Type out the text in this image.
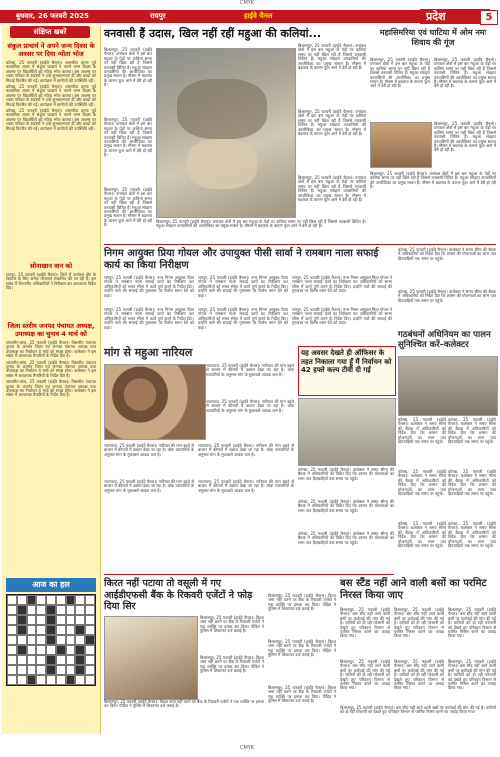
CMYK
बुधवार, 26 फरवरी 2025	रायपुर	हाईवे चैनल	प्रदेश	5
संक्षिप्त खबरें
संकुल प्राचार्य ने अपने जन्म दिवस के अवसर पर दिया न्योता भोज
कोरबा, 25 फरवरी (हाईवे चैनल)। शासकीय कन्या पूर्व माध्यमिक शाला में संकुल प्राचार्य ने अपने जन्म दिवस के अवसर पर विद्यार्थियों को न्योता भोज कराया। इस अवसर पर शाला परिवार के सदस्यों ने उन्हें शुभकामनाएं दीं और बच्चों को मिठाई वितरित की गई। कार्यक्रम में ग्रामीणों की उपस्थिति रही।
कोरबा, 25 फरवरी (हाईवे चैनल)। शासकीय कन्या पूर्व माध्यमिक शाला में संकुल प्राचार्य ने अपने जन्म दिवस के अवसर पर विद्यार्थियों को न्योता भोज कराया। इस अवसर पर शाला परिवार के सदस्यों ने उन्हें शुभकामनाएं दीं और बच्चों को मिठाई वितरित की गई। कार्यक्रम में ग्रामीणों की उपस्थिति रही।
कोरबा, 25 फरवरी (हाईवे चैनल)। शासकीय कन्या पूर्व माध्यमिक शाला में संकुल प्राचार्य ने अपने जन्म दिवस के अवसर पर विद्यार्थियों को न्योता भोज कराया। इस अवसर पर शाला परिवार के सदस्यों ने उन्हें शुभकामनाएं दीं और बच्चों को मिठाई वितरित की गई। कार्यक्रम में ग्रामीणों की उपस्थिति रही।
सोनाखान वान को
रायपुर, 25 फरवरी (हाईवे चैनल)। जिले में वनांचल क्षेत्र के विकास के लिए अनेक योजनाएं संचालित की जा रही हैं। इस संबंध में विभागीय अधिकारियों ने निरीक्षण कर आवश्यक निर्देश दिए।
जिला स्तरीय जनपद पंचायत अध्यक्ष, उपाध्यक्ष का चुनाव 4 मार्च को
जांजगीर-चांपा, 25 फरवरी (हाईवे चैनल)। त्रिस्तरीय पंचायत चुनाव के अंतर्गत जिला एवं जनपद पंचायत अध्यक्ष तथा उपाध्यक्ष का निर्वाचन 4 मार्च को संपन्न होगा। कलेक्टर ने इस संबंध में आवश्यक तैयारियों के निर्देश दिए हैं।
जांजगीर-चांपा, 25 फरवरी (हाईवे चैनल)। त्रिस्तरीय पंचायत चुनाव के अंतर्गत जिला एवं जनपद पंचायत अध्यक्ष तथा उपाध्यक्ष का निर्वाचन 4 मार्च को संपन्न होगा। कलेक्टर ने इस संबंध में आवश्यक तैयारियों के निर्देश दिए हैं।
जांजगीर-चांपा, 25 फरवरी (हाईवे चैनल)। त्रिस्तरीय पंचायत चुनाव के अंतर्गत जिला एवं जनपद पंचायत अध्यक्ष तथा उपाध्यक्ष का निर्वाचन 4 मार्च को संपन्न होगा। कलेक्टर ने इस संबंध में आवश्यक तैयारियों के निर्देश दिए हैं।
आज का हल
वनवासी हैं उदास, खिल नहीं रहीं महुआ की कलियां...	महासिमरिया एवं घाटिया में ओम नमः शिवाय की गूंज
बिलासपुर, 25 फरवरी (हाईवे चैनल)। वनांचल क्षेत्रों में इस बार महुआ के पेड़ों पर कलियां समय पर नहीं खिल रही हैं जिससे वनवासी चिंतित हैं। महुआ संग्रहण वनवासियों की आजीविका का प्रमुख साधन है। मौसम में बदलाव के कारण फूल आने में देरी हो रही है।
बिलासपुर, 25 फरवरी (हाईवे चैनल)। वनांचल क्षेत्रों में इस बार महुआ के पेड़ों पर कलियां समय पर नहीं खिल रही हैं जिससे वनवासी चिंतित हैं। महुआ संग्रहण वनवासियों की आजीविका का प्रमुख साधन है। मौसम में बदलाव के कारण फूल आने में देरी हो रही है।
बिलासपुर, 25 फरवरी (हाईवे चैनल)। वनांचल क्षेत्रों में इस बार महुआ के पेड़ों पर कलियां समय पर नहीं खिल रही हैं जिससे वनवासी चिंतित हैं। महुआ संग्रहण वनवासियों की आजीविका का प्रमुख साधन है। मौसम में बदलाव के कारण फूल आने में देरी हो रही है।
बिलासपुर, 25 फरवरी (हाईवे चैनल)। वनांचल क्षेत्रों में इस बार महुआ के पेड़ों पर कलियां समय पर नहीं खिल रही हैं जिससे वनवासी चिंतित हैं। महुआ संग्रहण वनवासियों की आजीविका का प्रमुख साधन है। मौसम में बदलाव के कारण फूल आने में देरी हो रही है।
बिलासपुर, 25 फरवरी (हाईवे चैनल)। वनांचल क्षेत्रों में इस बार महुआ के पेड़ों पर कलियां समय पर नहीं खिल रही हैं जिससे वनवासी चिंतित हैं। महुआ संग्रहण वनवासियों की आजीविका का प्रमुख साधन है। मौसम में बदलाव के कारण फूल आने में देरी हो रही है।
बिलासपुर, 25 फरवरी (हाईवे चैनल)। वनांचल क्षेत्रों में इस बार महुआ के पेड़ों पर कलियां समय पर नहीं खिल रही हैं जिससे वनवासी चिंतित हैं। महुआ संग्रहण वनवासियों की आजीविका का प्रमुख साधन है। मौसम में बदलाव के कारण फूल आने में देरी हो रही है।
बिलासपुर, 25 फरवरी (हाईवे चैनल)। वनांचल क्षेत्रों में इस बार महुआ के पेड़ों पर कलियां समय पर नहीं खिल रही हैं जिससे वनवासी चिंतित हैं। महुआ संग्रहण वनवासियों की आजीविका का प्रमुख साधन है। मौसम में बदलाव के कारण फूल आने में देरी हो रही है।
बिलासपुर, 25 फरवरी (हाईवे चैनल)। वनांचल क्षेत्रों में इस बार महुआ के पेड़ों पर कलियां समय पर नहीं खिल रही हैं जिससे वनवासी चिंतित हैं। महुआ संग्रहण वनवासियों की आजीविका का प्रमुख साधन है। मौसम में बदलाव के कारण फूल आने में देरी हो रही है।
बिलासपुर, 25 फरवरी (हाईवे चैनल)। वनांचल क्षेत्रों में इस बार महुआ के पेड़ों पर कलियां समय पर नहीं खिल रही हैं जिससे वनवासी चिंतित हैं। महुआ संग्रहण वनवासियों की आजीविका का प्रमुख साधन है। मौसम में बदलाव के कारण फूल आने में देरी हो रही है।
बिलासपुर, 25 फरवरी (हाईवे चैनल)। वनांचल क्षेत्रों में इस बार महुआ के पेड़ों पर कलियां समय पर नहीं खिल रही हैं जिससे वनवासी चिंतित हैं। महुआ संग्रहण वनवासियों की आजीविका का प्रमुख साधन है। मौसम में बदलाव के कारण फूल आने में देरी हो रही है।
बिलासपुर, 25 फरवरी (हाईवे चैनल)। वनांचल क्षेत्रों में इस बार महुआ के पेड़ों पर कलियां समय पर नहीं खिल रही हैं जिससे वनवासी चिंतित हैं। महुआ संग्रहण वनवासियों की आजीविका का प्रमुख साधन है। मौसम में बदलाव के कारण फूल आने में देरी हो रही है।
निगम आयुक्त प्रिया गोयल और उपायुक्त पीसी सार्वा ने रामबाग नाला सफाई कार्य का किया निरीक्षण
रायपुर, 25 फरवरी (हाईवे चैनल)। नगर निगम आयुक्त प्रिया गोयल ने रामबाग नाला सफाई कार्य का निरीक्षण कर अधिकारियों को समय सीमा में कार्य पूर्ण करने के निर्देश दिए। उन्होंने नाले की सफाई की गुणवत्ता पर विशेष ध्यान देने को कहा।
रायपुर, 25 फरवरी (हाईवे चैनल)। नगर निगम आयुक्त प्रिया गोयल ने रामबाग नाला सफाई कार्य का निरीक्षण कर अधिकारियों को समय सीमा में कार्य पूर्ण करने के निर्देश दिए। उन्होंने नाले की सफाई की गुणवत्ता पर विशेष ध्यान देने को कहा।
रायपुर, 25 फरवरी (हाईवे चैनल)। नगर निगम आयुक्त प्रिया गोयल ने रामबाग नाला सफाई कार्य का निरीक्षण कर अधिकारियों को समय सीमा में कार्य पूर्ण करने के निर्देश दिए। उन्होंने नाले की सफाई की गुणवत्ता पर विशेष ध्यान देने को कहा।
रायपुर, 25 फरवरी (हाईवे चैनल)। नगर निगम आयुक्त प्रिया गोयल ने रामबाग नाला सफाई कार्य का निरीक्षण कर अधिकारियों को समय सीमा में कार्य पूर्ण करने के निर्देश दिए। उन्होंने नाले की सफाई की गुणवत्ता पर विशेष ध्यान देने को कहा।
रायपुर, 25 फरवरी (हाईवे चैनल)। नगर निगम आयुक्त प्रिया गोयल ने रामबाग नाला सफाई कार्य का निरीक्षण कर अधिकारियों को समय सीमा में कार्य पूर्ण करने के निर्देश दिए। उन्होंने नाले की सफाई की गुणवत्ता पर विशेष ध्यान देने को कहा।
रायपुर, 25 फरवरी (हाईवे चैनल)। नगर निगम आयुक्त प्रिया गोयल ने रामबाग नाला सफाई कार्य का निरीक्षण कर अधिकारियों को समय सीमा में कार्य पूर्ण करने के निर्देश दिए। उन्होंने नाले की सफाई की गुणवत्ता पर विशेष ध्यान देने को कहा।
कोरबा, 25 फरवरी (हाईवे चैनल)। कलेक्टर ने समय सीमा की बैठक में अधिकारियों को निर्देश दिए कि शासन की योजनाओं का लाभ पात्र हितग्राहियों तक समय पर पहुंचे।
कोरबा, 25 फरवरी (हाईवे चैनल)। कलेक्टर ने समय सीमा की बैठक में अधिकारियों को निर्देश दिए कि शासन की योजनाओं का लाभ पात्र हितग्राहियों तक समय पर पहुंचे।
गठबंधनों अधिनियम का पालन सुनिश्चित करें–कलेक्टर
कोरबा, 25 फरवरी (हाईवे चैनल)। कलेक्टर ने समय सीमा की बैठक में अधिकारियों को निर्देश दिए कि शासन की योजनाओं का लाभ पात्र हितग्राहियों तक समय पर पहुंचे।
कोरबा, 25 फरवरी (हाईवे चैनल)। कलेक्टर ने समय सीमा की बैठक में अधिकारियों को निर्देश दिए कि शासन की योजनाओं का लाभ पात्र हितग्राहियों तक समय पर पहुंचे।
कोरबा, 25 फरवरी (हाईवे चैनल)। कलेक्टर ने समय सीमा की बैठक में अधिकारियों को निर्देश दिए कि शासन की योजनाओं का लाभ पात्र हितग्राहियों तक समय पर पहुंचे।
कोरबा, 25 फरवरी (हाईवे चैनल)। कलेक्टर ने समय सीमा की बैठक में अधिकारियों को निर्देश दिए कि शासन की योजनाओं का लाभ पात्र हितग्राहियों तक समय पर पहुंचे।
कोरबा, 25 फरवरी (हाईवे चैनल)। कलेक्टर ने समय सीमा की बैठक में अधिकारियों को निर्देश दिए कि शासन की योजनाओं का लाभ पात्र हितग्राहियों तक समय पर पहुंचे।
कोरबा, 25 फरवरी (हाईवे चैनल)। कलेक्टर ने समय सीमा की बैठक में अधिकारियों को निर्देश दिए कि शासन की योजनाओं का लाभ पात्र हितग्राहियों तक समय पर पहुंचे।
मांग से महुआ नारियल
भाटापारा, 25 फरवरी (हाईवे चैनल)। नारियल की मांग बढ़ने से बाजार में कीमतों में उछाल देखा जा रहा है। थोक व्यापारियों के अनुसार मांग के मुकाबले आवक कम है।
भाटापारा, 25 फरवरी (हाईवे चैनल)। नारियल की मांग बढ़ने से बाजार में कीमतों में उछाल देखा जा रहा है। थोक व्यापारियों के अनुसार मांग के मुकाबले आवक कम है।
भाटापारा, 25 फरवरी (हाईवे चैनल)। नारियल की मांग बढ़ने से बाजार में कीमतों में उछाल देखा जा रहा है। थोक व्यापारियों के अनुसार मांग के मुकाबले आवक कम है।
भाटापारा, 25 फरवरी (हाईवे चैनल)। नारियल की मांग बढ़ने से बाजार में कीमतों में उछाल देखा जा रहा है। थोक व्यापारियों के अनुसार मांग के मुकाबले आवक कम है।
भाटापारा, 25 फरवरी (हाईवे चैनल)। नारियल की मांग बढ़ने से बाजार में कीमतों में उछाल देखा जा रहा है। थोक व्यापारियों के अनुसार मांग के मुकाबले आवक कम है।
भाटापारा, 25 फरवरी (हाईवे चैनल)। नारियल की मांग बढ़ने से बाजार में कीमतों में उछाल देखा जा रहा है। थोक व्यापारियों के अनुसार मांग के मुकाबले आवक कम है।
यह अवसर देखते ही ऑफिसर के तहत निकाला गया हूँ मैं निर्वाचन को 42 हफ्ते कल्प टीवी दी गई
कोरबा, 25 फरवरी (हाईवे चैनल)। कलेक्टर ने समय सीमा की बैठक में अधिकारियों को निर्देश दिए कि शासन की योजनाओं का लाभ पात्र हितग्राहियों तक समय पर पहुंचे।
कोरबा, 25 फरवरी (हाईवे चैनल)। कलेक्टर ने समय सीमा की बैठक में अधिकारियों को निर्देश दिए कि शासन की योजनाओं का लाभ पात्र हितग्राहियों तक समय पर पहुंचे।
कोरबा, 25 फरवरी (हाईवे चैनल)। कलेक्टर ने समय सीमा की बैठक में अधिकारियों को निर्देश दिए कि शासन की योजनाओं का लाभ पात्र हितग्राहियों तक समय पर पहुंचे।
किरत नहीं पटाया तो वसूली में गए आईडीएफसी बैंक के रिकवरी एजेंटों ने फोड़ दिया सिर
बिलासपुर, 25 फरवरी (हाईवे चैनल)। किश्त जमा नहीं करने पर बैंक के रिकवरी एजेंटों ने एक व्यक्ति पर हमला कर दिया। पीड़ित ने पुलिस में शिकायत दर्ज कराई है।
बिलासपुर, 25 फरवरी (हाईवे चैनल)। किश्त जमा नहीं करने पर बैंक के रिकवरी एजेंटों ने एक व्यक्ति पर हमला कर दिया। पीड़ित ने पुलिस में शिकायत दर्ज कराई है।
बिलासपुर, 25 फरवरी (हाईवे चैनल)। किश्त जमा नहीं करने पर बैंक के रिकवरी एजेंटों ने एक व्यक्ति पर हमला कर दिया। पीड़ित ने पुलिस में शिकायत दर्ज कराई है।
बिलासपुर, 25 फरवरी (हाईवे चैनल)। किश्त जमा नहीं करने पर बैंक के रिकवरी एजेंटों ने एक व्यक्ति पर हमला कर दिया। पीड़ित ने पुलिस में शिकायत दर्ज कराई है।
बिलासपुर, 25 फरवरी (हाईवे चैनल)। किश्त जमा नहीं करने पर बैंक के रिकवरी एजेंटों ने एक व्यक्ति पर हमला कर दिया। पीड़ित ने पुलिस में शिकायत दर्ज कराई है।
बिलासपुर, 25 फरवरी (हाईवे चैनल)। किश्त जमा नहीं करने पर बैंक के रिकवरी एजेंटों ने एक व्यक्ति पर हमला कर दिया। पीड़ित ने पुलिस में शिकायत दर्ज कराई है।
बस स्टैंड नहीं आने वाली बसों का परमिट निरस्त किया जाए
बिलासपुर, 25 फरवरी (हाईवे चैनल)। बस स्टैंड नहीं आने वाली बसों पर कार्रवाई की मांग की गई है। यात्रियों को हो रही परेशानी को देखते हुए परिवहन विभाग से परमिट निरस्त करने का आग्रह किया गया।
बिलासपुर, 25 फरवरी (हाईवे चैनल)। बस स्टैंड नहीं आने वाली बसों पर कार्रवाई की मांग की गई है। यात्रियों को हो रही परेशानी को देखते हुए परिवहन विभाग से परमिट निरस्त करने का आग्रह किया गया।
बिलासपुर, 25 फरवरी (हाईवे चैनल)। बस स्टैंड नहीं आने वाली बसों पर कार्रवाई की मांग की गई है। यात्रियों को हो रही परेशानी को देखते हुए परिवहन विभाग से परमिट निरस्त करने का आग्रह किया गया।
बिलासपुर, 25 फरवरी (हाईवे चैनल)। बस स्टैंड नहीं आने वाली बसों पर कार्रवाई की मांग की गई है। यात्रियों को हो रही परेशानी को देखते हुए परिवहन विभाग से परमिट निरस्त करने का आग्रह किया गया।
बिलासपुर, 25 फरवरी (हाईवे चैनल)। बस स्टैंड नहीं आने वाली बसों पर कार्रवाई की मांग की गई है। यात्रियों को हो रही परेशानी को देखते हुए परिवहन विभाग से परमिट निरस्त करने का आग्रह किया गया।
बिलासपुर, 25 फरवरी (हाईवे चैनल)। बस स्टैंड नहीं आने वाली बसों पर कार्रवाई की मांग की गई है। यात्रियों को हो रही परेशानी को देखते हुए परिवहन विभाग से परमिट निरस्त करने का आग्रह किया गया।
बिलासपुर, 25 फरवरी (हाईवे चैनल)। बस स्टैंड नहीं आने वाली बसों पर कार्रवाई की मांग की गई है। यात्रियों को हो रही परेशानी को देखते हुए परिवहन विभाग से परमिट निरस्त करने का आग्रह किया गया।
CMYK
